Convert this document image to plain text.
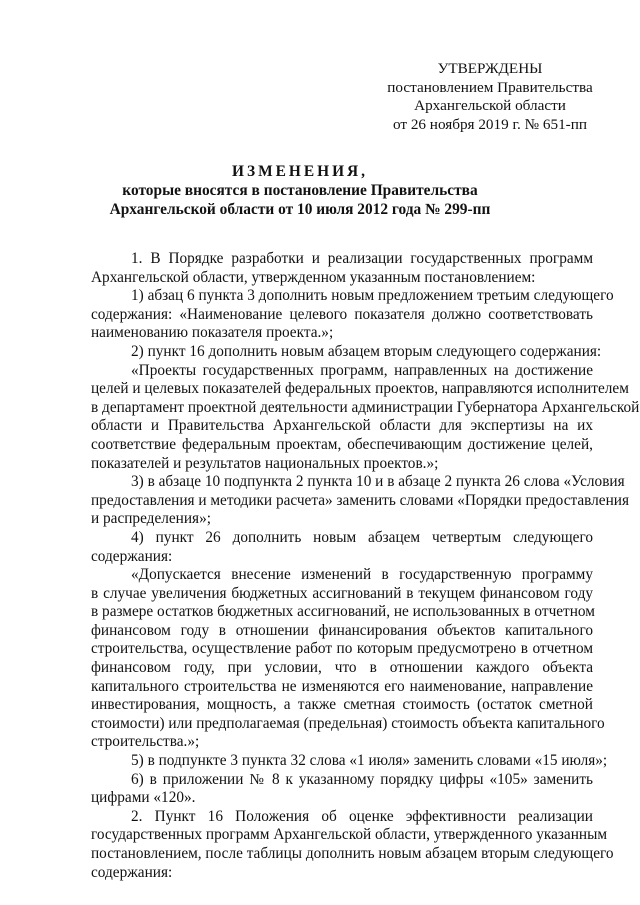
УТВЕРЖДЕНЫ
постановлением Правительства
Архангельской области
от 26 ноября 2019 г. № 651-пп
ИЗМЕНЕНИЯ,
которые вносятся в постановление Правительства
Архангельской области от 10 июля 2012 года № 299-пп
1. В Порядке разработки и реализации государственных программ
Архангельской области, утвержденном указанным постановлением:
1) абзац 6 пункта 3 дополнить новым предложением третьим следующего
содержания: «Наименование целевого показателя должно соответствовать
наименованию показателя проекта.»;
2) пункт 16 дополнить новым абзацем вторым следующего содержания:
«Проекты государственных программ, направленных на достижение
целей и целевых показателей федеральных проектов, направляются исполнителем
в департамент проектной деятельности администрации Губернатора Архангельской
области и Правительства Архангельской области для экспертизы на их
соответствие федеральным проектам, обеспечивающим достижение целей,
показателей и результатов национальных проектов.»;
3) в абзаце 10 подпункта 2 пункта 10 и в абзаце 2 пункта 26 слова «Условия
предоставления и методики расчета» заменить словами «Порядки предоставления
и распределения»;
4) пункт 26 дополнить новым абзацем четвертым следующего
содержания:
«Допускается внесение изменений в государственную программу
в случае увеличения бюджетных ассигнований в текущем финансовом году
в размере остатков бюджетных ассигнований, не использованных в отчетном
финансовом году в отношении финансирования объектов капитального
строительства, осуществление работ по которым предусмотрено в отчетном
финансовом году, при условии, что в отношении каждого объекта
капитального строительства не изменяются его наименование, направление
инвестирования, мощность, а также сметная стоимость (остаток сметной
стоимости) или предполагаемая (предельная) стоимость объекта капитального
строительства.»;
5) в подпункте 3 пункта 32 слова «1 июля» заменить словами «15 июля»;
6) в приложении № 8 к указанному порядку цифры «105» заменить
цифрами «120».
2. Пункт 16 Положения об оценке эффективности реализации
государственных программ Архангельской области, утвержденного указанным
постановлением, после таблицы дополнить новым абзацем вторым следующего
содержания:
